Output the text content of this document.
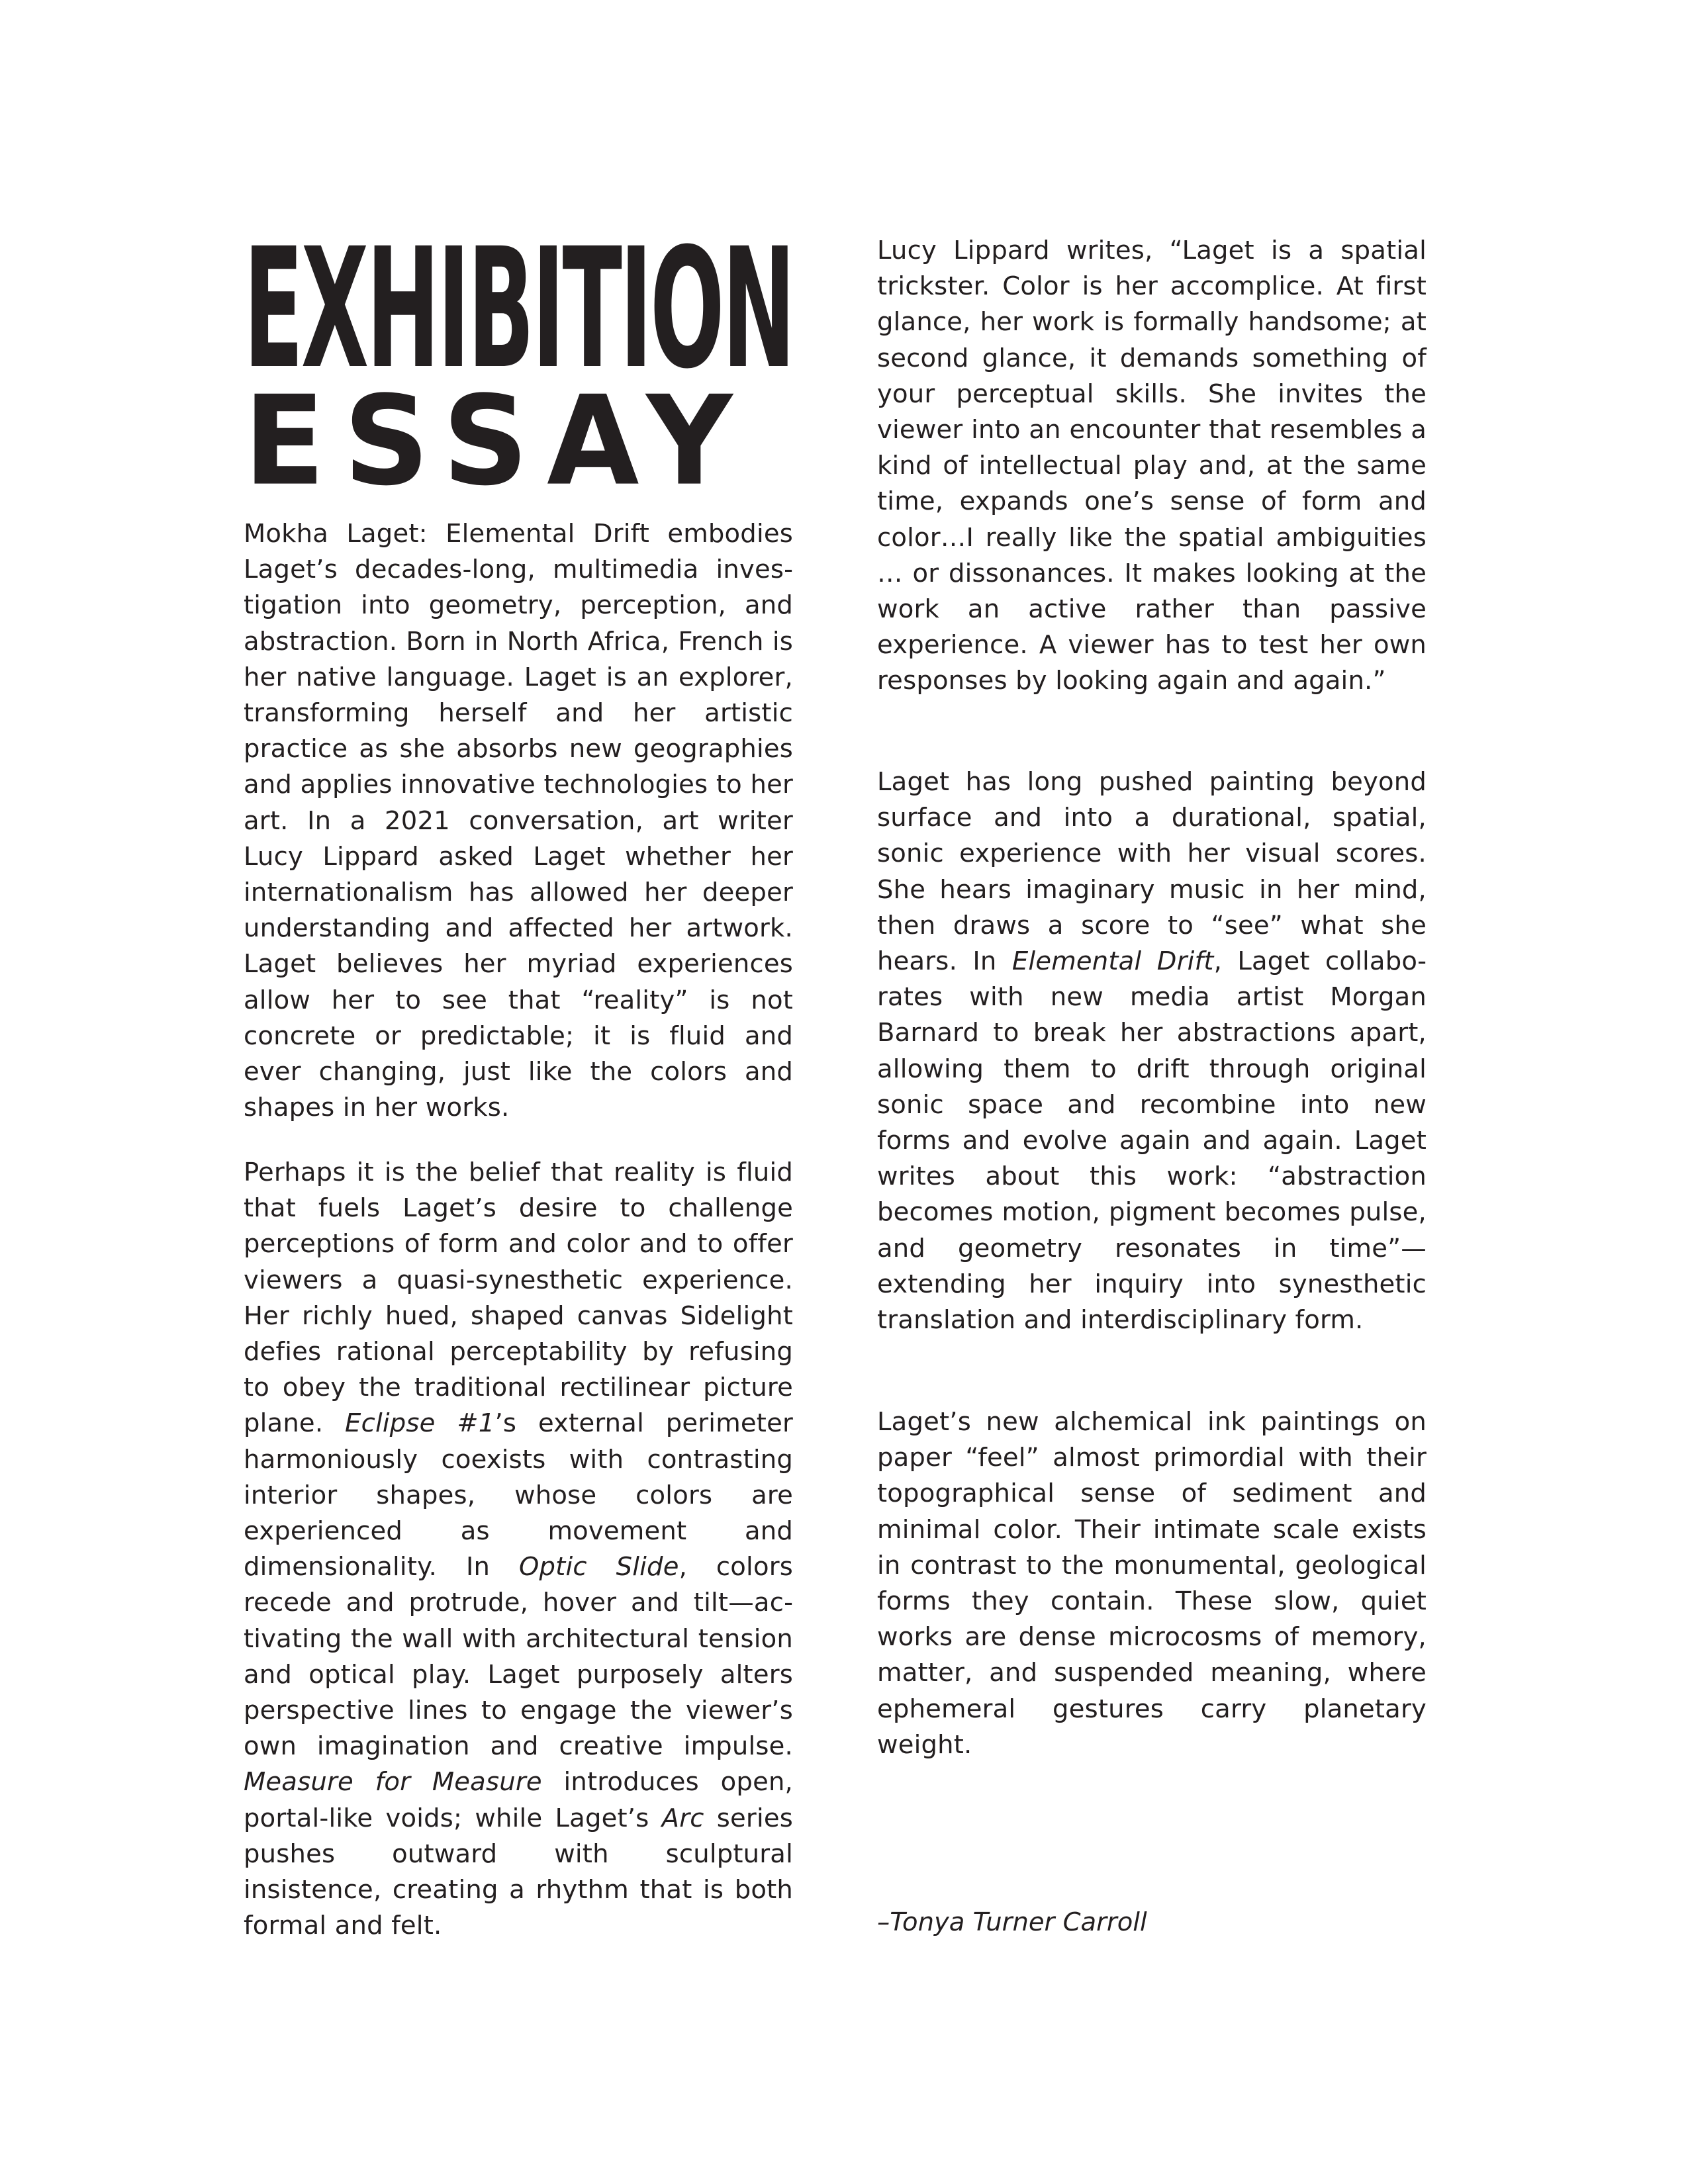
EXHIBITION
ESSAY

Mokha Laget: Elemental Drift embodies Laget’s decades-long, multimedia investigation into geometry, perception, and abstraction. Born in North Africa, French is her native language. Laget is an explorer, transforming herself and her artistic practice as she absorbs new geographies and applies innovative technologies to her art. In a 2021 conversation, art writer Lucy Lippard asked Laget whether her internationalism has allowed her deeper understanding and affected her artwork. Laget believes her myriad experiences allow her to see that “reality” is not concrete or predictable; it is fluid and ever changing, just like the colors and shapes in her works.

Perhaps it is the belief that reality is fluid that fuels Laget’s desire to challenge perceptions of form and color and to offer viewers a quasi-synesthetic experience. Her richly hued, shaped canvas Sidelight defies rational perceptability by refusing to obey the traditional rectilinear picture plane. Eclipse #1’s external perimeter harmoniously coexists with contrasting interior shapes, whose colors are experienced as movement and dimensionality. In Optic Slide, colors recede and protrude, hover and tilt—activating the wall with architectural tension and optical play. Laget purposely alters perspective lines to engage the viewer’s own imagination and creative impulse. Measure for Measure introduces open, portal-like voids; while Laget’s Arc series pushes outward with sculptural insistence, creating a rhythm that is both formal and felt.

Lucy Lippard writes, “Laget is a spatial trickster. Color is her accomplice. At first glance, her work is formally handsome; at second glance, it demands something of your perceptual skills. She invites the viewer into an encounter that resembles a kind of intellectual play and, at the same time, expands one’s sense of form and color…I really like the spatial ambiguities … or dissonances. It makes looking at the work an active rather than passive experience. A viewer has to test her own responses by looking again and again.”

Laget has long pushed painting beyond surface and into a durational, spatial, sonic experience with her visual scores. She hears imaginary music in her mind, then draws a score to “see” what she hears. In Elemental Drift, Laget collaborates with new media artist Morgan Barnard to break her abstractions apart, allowing them to drift through original sonic space and recombine into new forms and evolve again and again. Laget writes about this work: “abstraction becomes motion, pigment becomes pulse, and geometry resonates in time”—extending her inquiry into synesthetic translation and interdisciplinary form.

Laget’s new alchemical ink paintings on paper “feel” almost primordial with their topographical sense of sediment and minimal color. Their intimate scale exists in contrast to the monumental, geological forms they contain. These slow, quiet works are dense microcosms of memory, matter, and suspended meaning, where ephemeral gestures carry planetary weight.

–Tonya Turner Carroll
